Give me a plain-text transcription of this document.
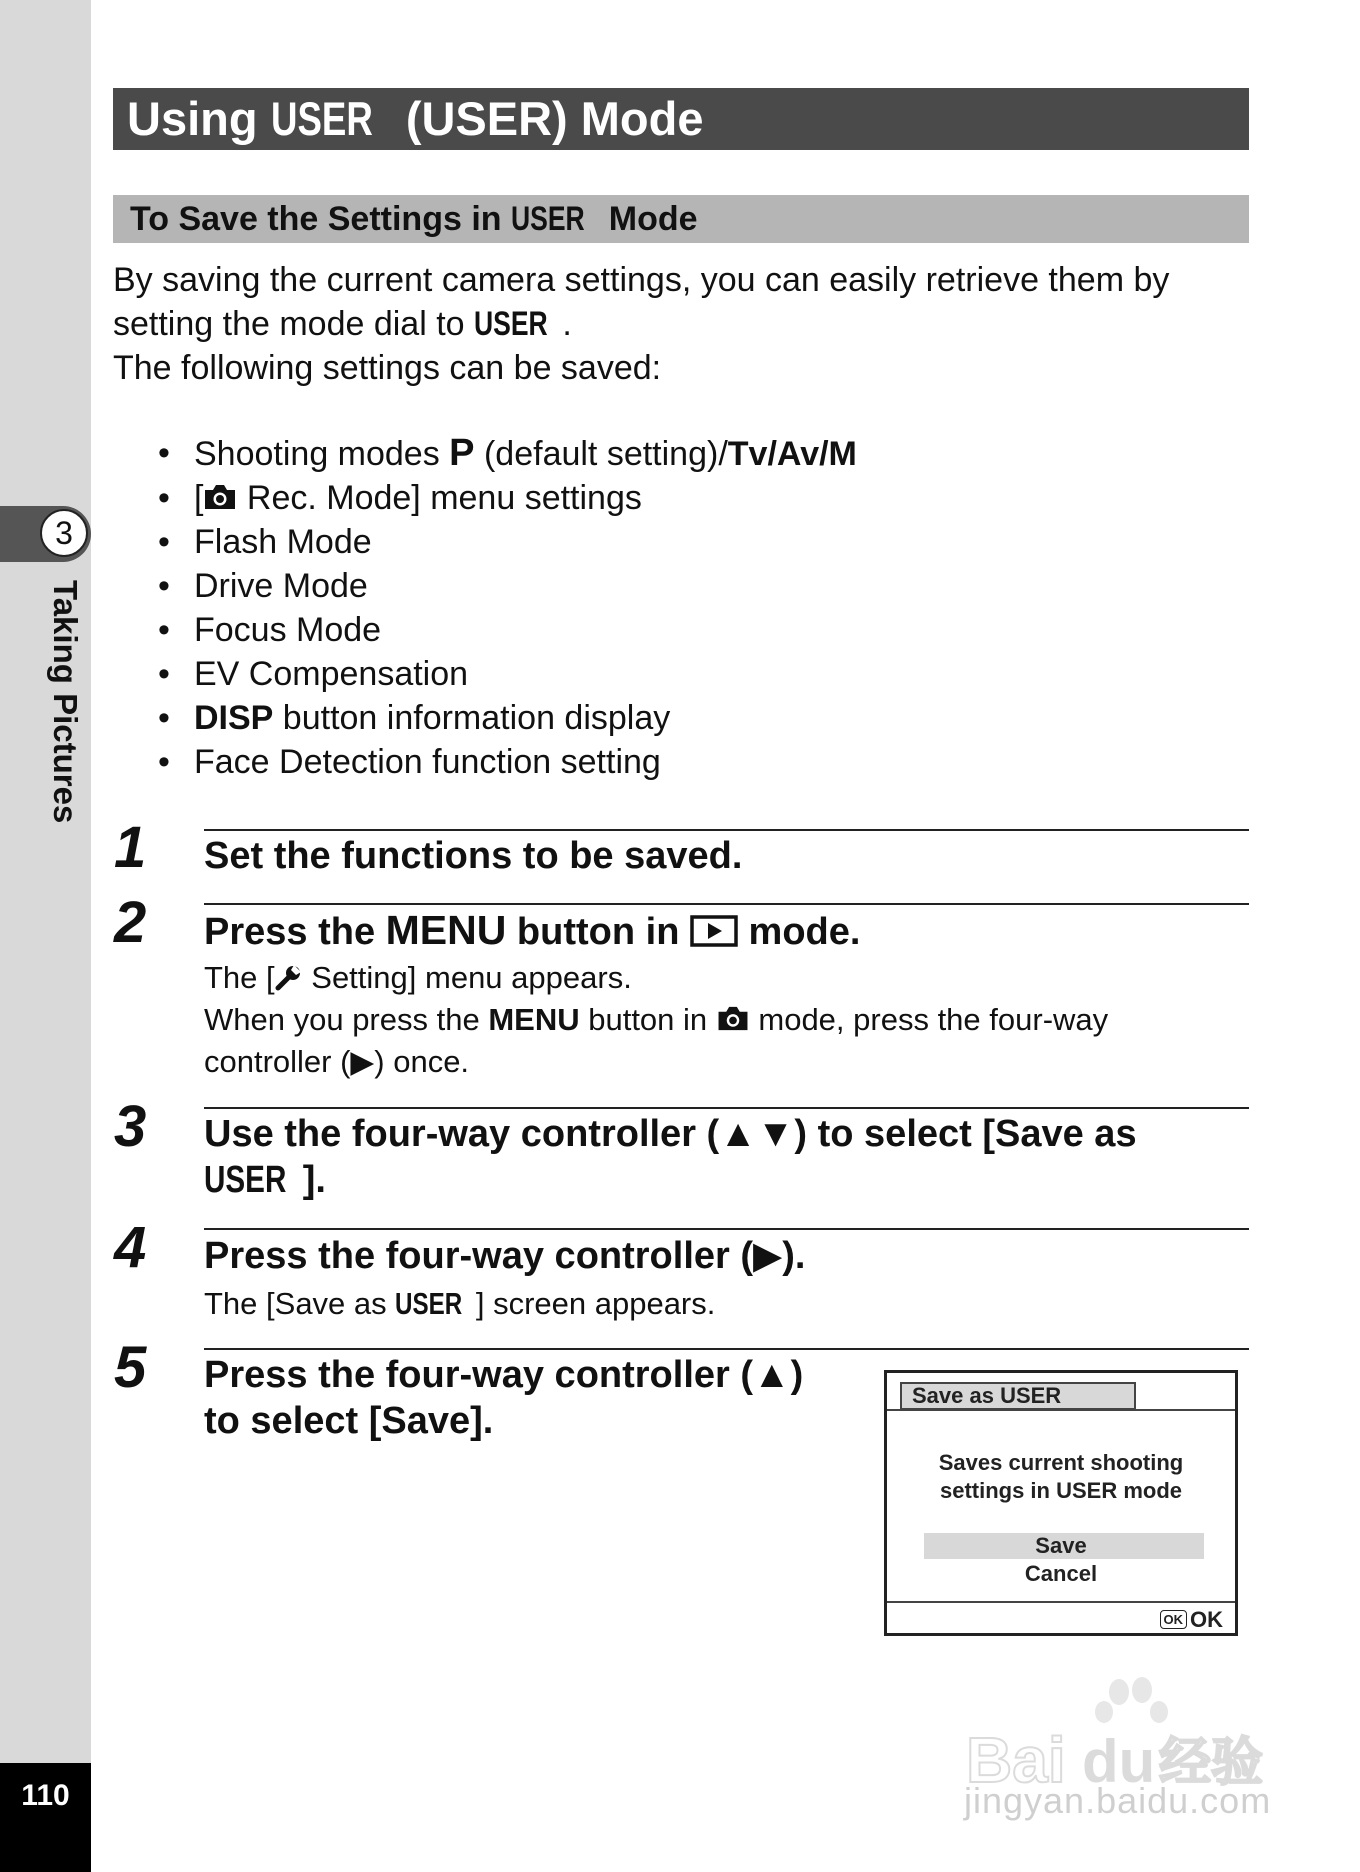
3
Taking Pictures
110
Using USER (USER) Mode
To Save the Settings in USER Mode

By saving the current camera settings, you can easily retrieve them by

setting the mode dial to USER .

The following settings can be saved:

• Shooting modes P (default setting)/Tv/Av/M
• [ Rec. Mode] menu settings
• Flash Mode
• Drive Mode
• Focus Mode
• EV Compensation
• DISP button information display
• Face Detection function setting
1 Set the functions to be saved.
2 Press the MENU button in  mode.

The [ Setting] menu appears.

When you press the MENU button in  mode, press the four-way

controller (▶) once.

3 Use the four-way controller (▲▼) to select [Save as
USER ].
4 Press the four-way controller (▶).

The [Save as USER ] screen appears.

5 Press the four-way controller (▲)
to select [Save].
Save as USER

Saves current shooting

settings in USER mode

Save
Cancel
OK OK
Bai du 经验
jingyan.baidu.com
